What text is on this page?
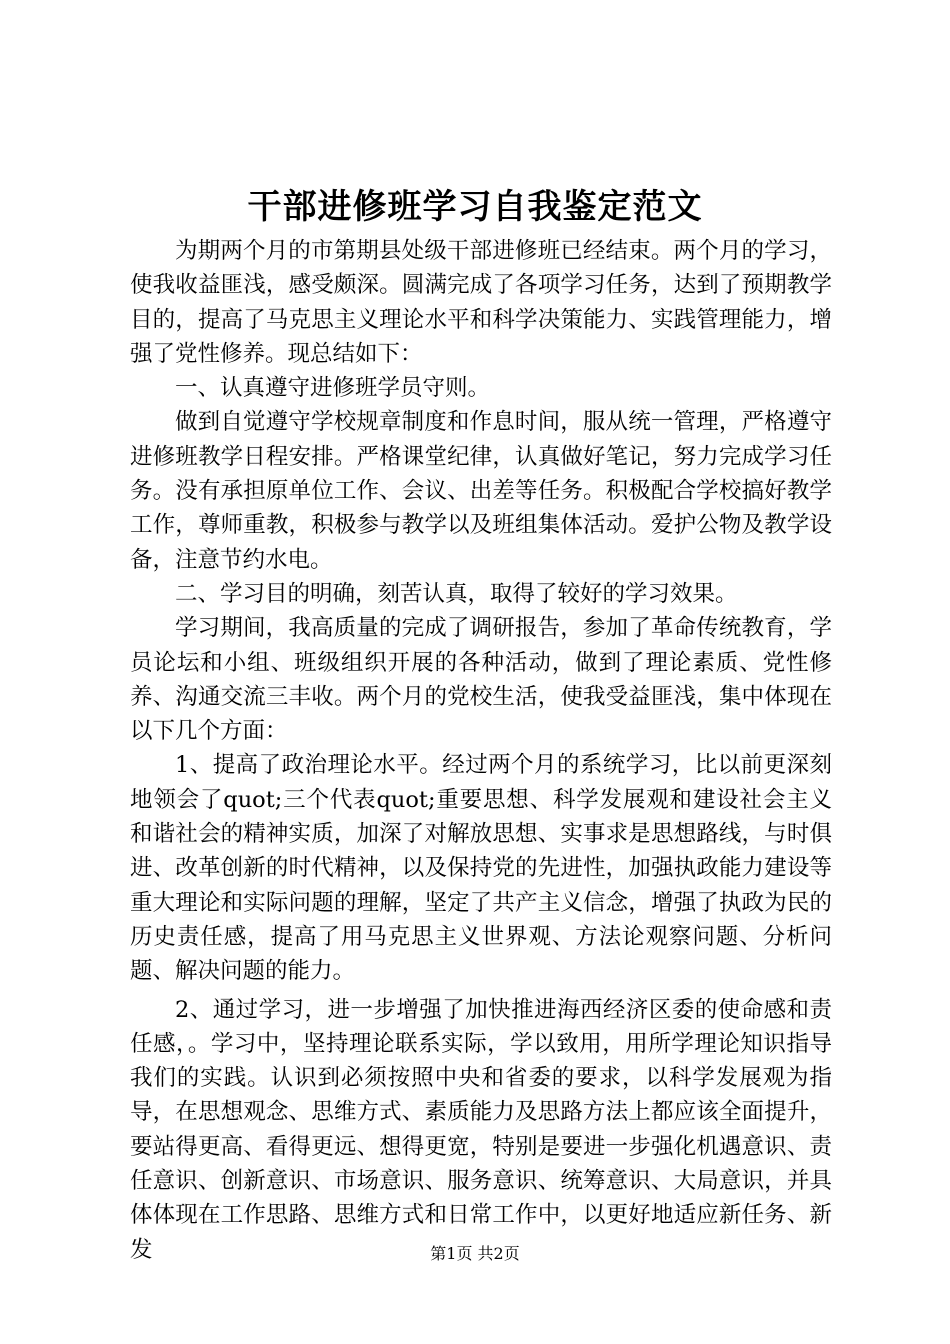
干部进修班学习自我鉴定范文

为期两个月的市第期县处级干部进修班已经结束。两个月的学习，使我收益匪浅，感受颇深。圆满完成了各项学习任务，达到了预期教学目的，提高了马克思主义理论水平和科学决策能力、实践管理能力，增强了党性修养。现总结如下：

一、认真遵守进修班学员守则。

做到自觉遵守学校规章制度和作息时间，服从统一管理，严格遵守进修班教学日程安排。严格课堂纪律，认真做好笔记，努力完成学习任务。没有承担原单位工作、会议、出差等任务。积极配合学校搞好教学工作，尊师重教，积极参与教学以及班组集体活动。爱护公物及教学设备，注意节约水电。

二、学习目的明确，刻苦认真，取得了较好的学习效果。

学习期间，我高质量的完成了调研报告，参加了革命传统教育，学员论坛和小组、班级组织开展的各种活动，做到了理论素质、党性修养、沟通交流三丰收。两个月的党校生活，使我受益匪浅，集中体现在以下几个方面：

1、提高了政治理论水平。经过两个月的系统学习，比以前更深刻地领会了quot;三个代表quot;重要思想、科学发展观和建设社会主义和谐社会的精神实质，加深了对解放思想、实事求是思想路线，与时俱进、改革创新的时代精神，以及保持党的先进性，加强执政能力建设等重大理论和实际问题的理解，坚定了共产主义信念，增强了执政为民的历史责任感，提高了用马克思主义世界观、方法论观察问题、分析问题、解决问题的能力。

2、通过学习，进一步增强了加快推进海西经济区委的使命感和责任感，。学习中，坚持理论联系实际，学以致用，用所学理论知识指导我们的实践。认识到必须按照中央和省委的要求，以科学发展观为指导，在思想观念、思维方式、素质能力及思路方法上都应该全面提升，要站得更高、看得更远、想得更宽，特别是要进一步强化机遇意识、责任意识、创新意识、市场意识、服务意识、统筹意识、大局意识，并具体体现在工作思路、思维方式和日常工作中，以更好地适应新任务、新发	第1页 共2页
